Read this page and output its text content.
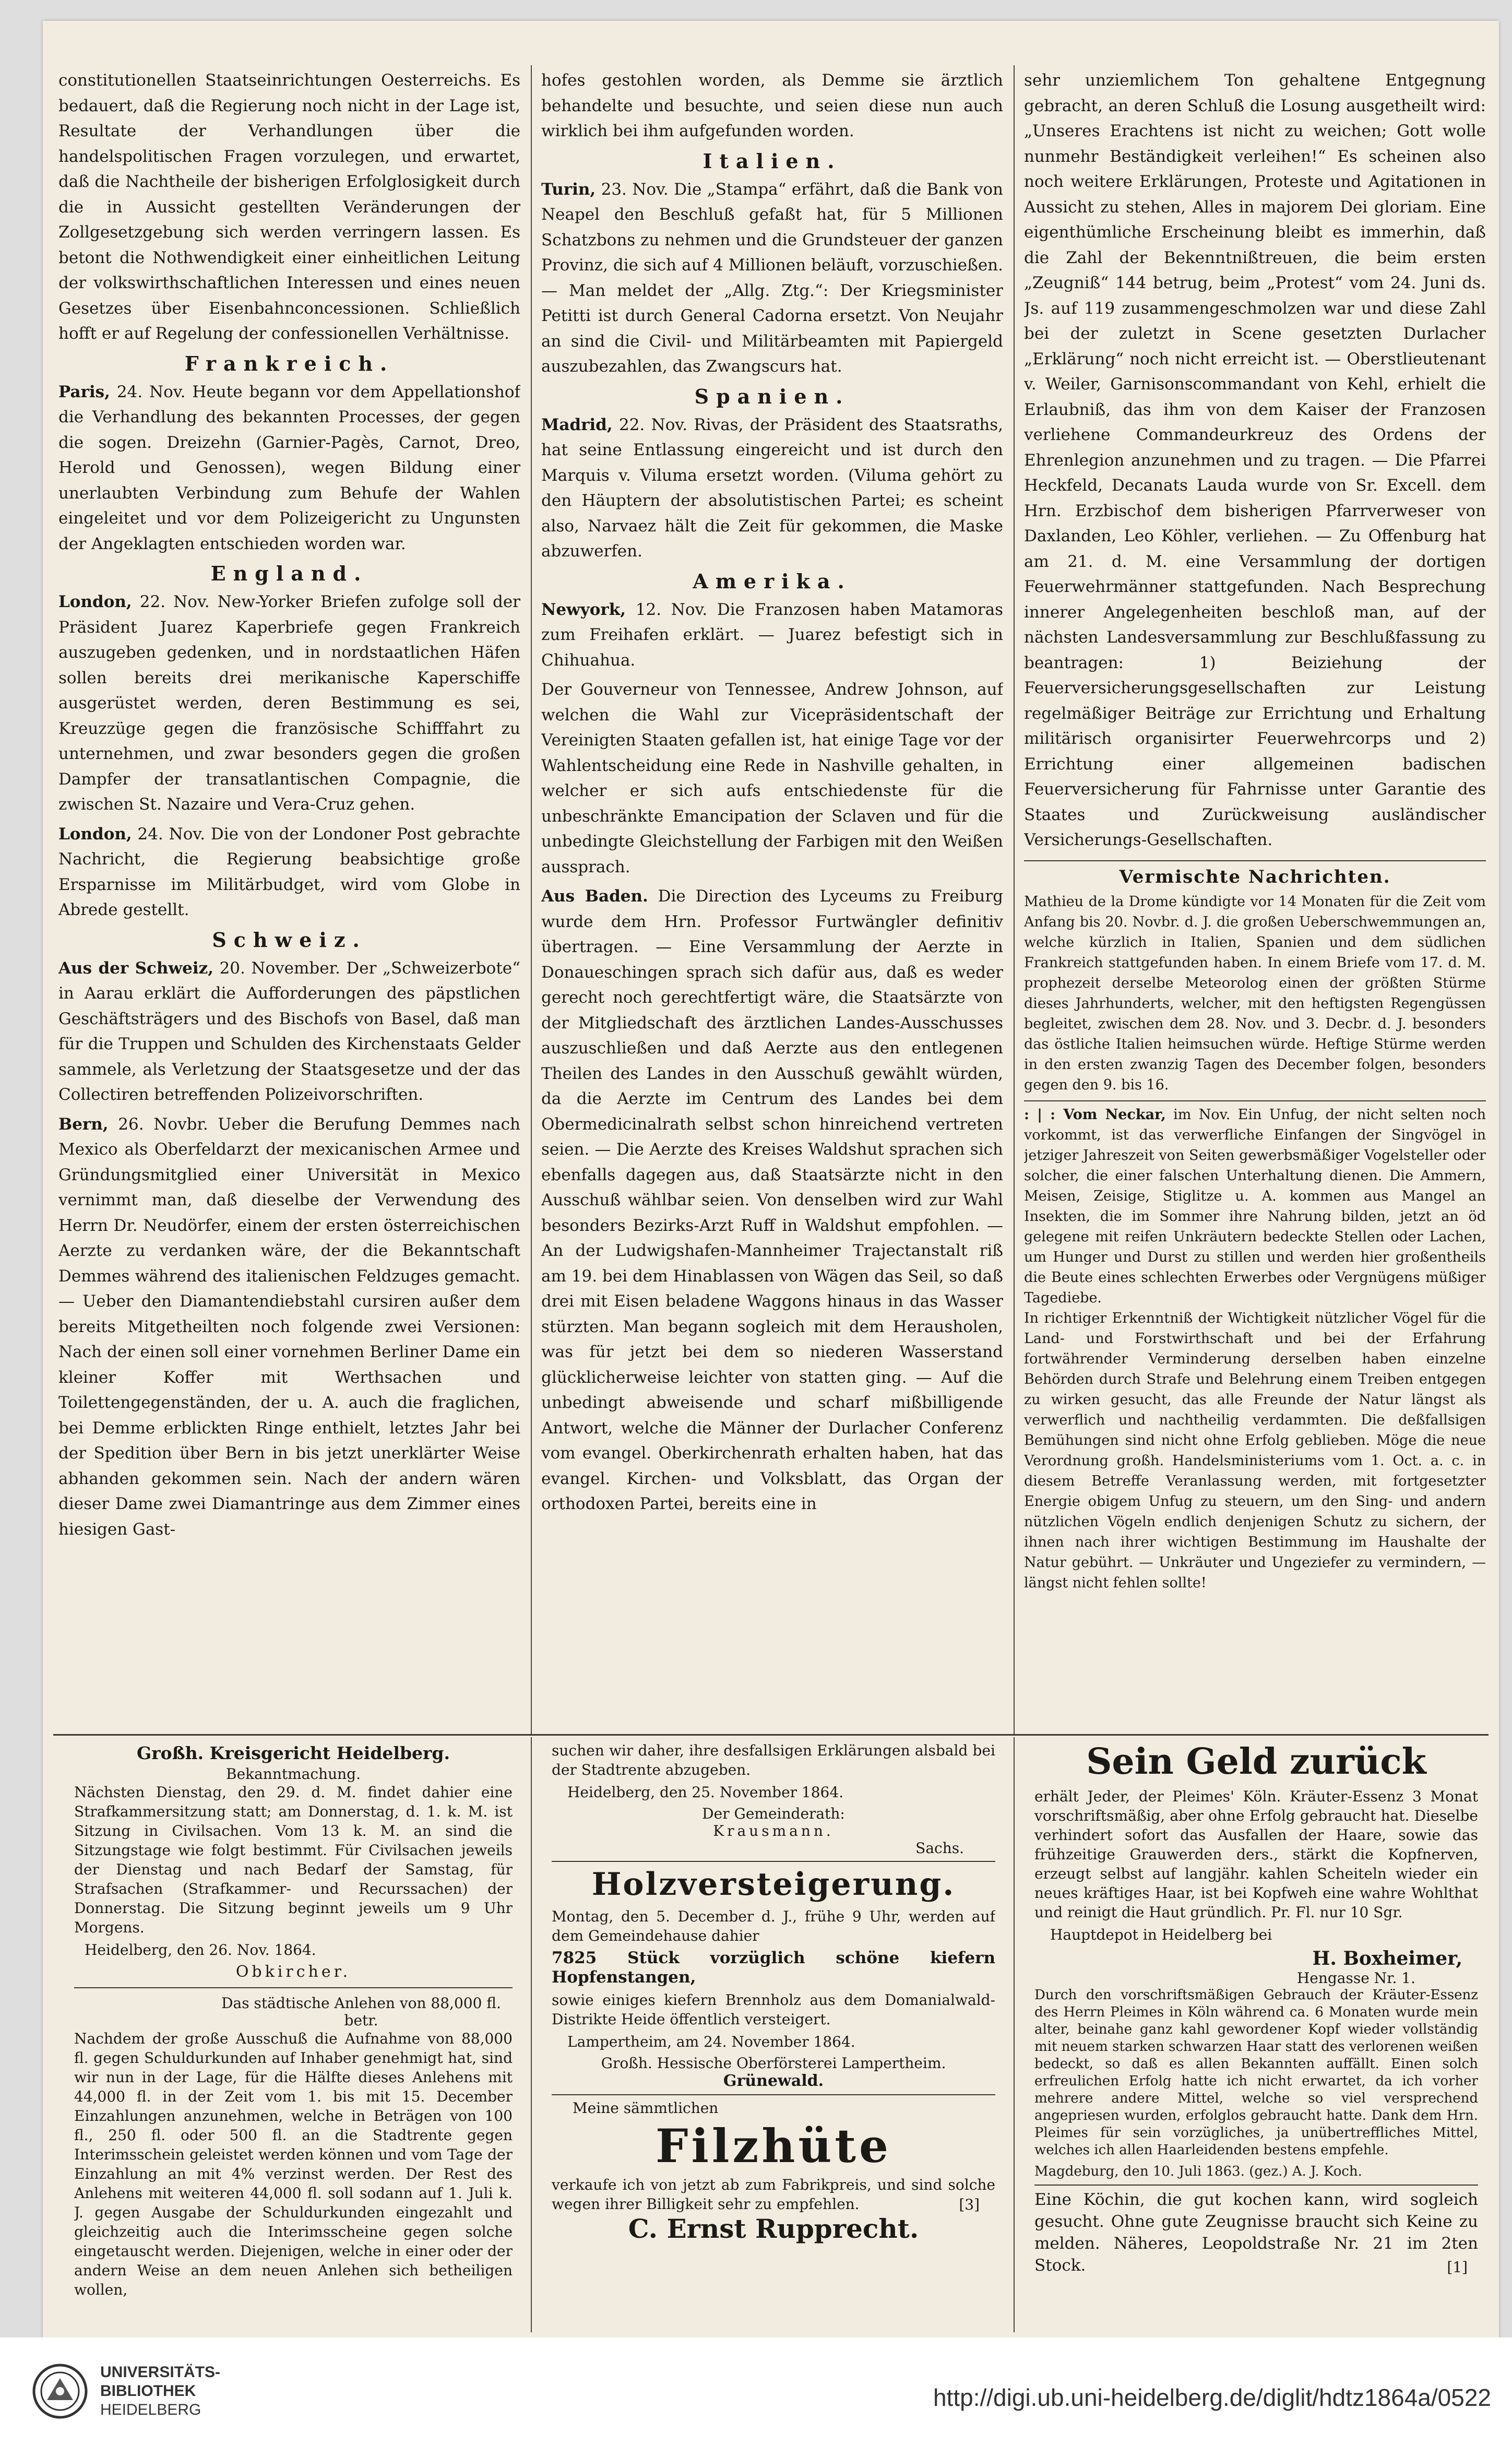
constitutionellen Staatseinrichtungen Oesterreichs. Es bedauert, daß die Regierung noch nicht in der Lage ist, Resultate der Verhandlungen über die handelspolitischen Fragen vorzulegen, und erwartet, daß die Nachtheile der bisherigen Erfolglosigkeit durch die in Aussicht gestellten Veränderungen der Zollgesetzgebung sich werden verringern lassen. Es betont die Nothwendigkeit einer einheitlichen Leitung der volkswirthschaftlichen Interessen und eines neuen Gesetzes über Eisenbahnconcessionen. Schließlich hofft er auf Regelung der confessionellen Verhältnisse.

Frankreich.

Paris, 24. Nov. Heute begann vor dem Appellationshof die Verhandlung des bekannten Processes, der gegen die sogen. Dreizehn (Garnier-Pagès, Carnot, Dreo, Herold und Genossen), wegen Bildung einer unerlaubten Verbindung zum Behufe der Wahlen eingeleitet und vor dem Polizeigericht zu Ungunsten der Angeklagten entschieden worden war.

England.

London, 22. Nov. New-Yorker Briefen zufolge soll der Präsident Juarez Kaperbriefe gegen Frankreich auszugeben gedenken, und in nordstaatlichen Häfen sollen bereits drei merikanische Kaperschiffe ausgerüstet werden, deren Bestimmung es sei, Kreuzzüge gegen die französische Schifffahrt zu unternehmen, und zwar besonders gegen die großen Dampfer der transatlantischen Compagnie, die zwischen St. Nazaire und Vera-Cruz gehen.

London, 24. Nov. Die von der Londoner Post gebrachte Nachricht, die Regierung beabsichtige große Ersparnisse im Militärbudget, wird vom Globe in Abrede gestellt.

Schweiz.

Aus der Schweiz, 20. November. Der „Schweizerbote“ in Aarau erklärt die Aufforderungen des päpstlichen Geschäftsträgers und des Bischofs von Basel, daß man für die Truppen und Schulden des Kirchenstaats Gelder sammele, als Verletzung der Staatsgesetze und der das Collectiren betreffenden Polizeivorschriften.

Bern, 26. Novbr. Ueber die Berufung Demmes nach Mexico als Oberfeldarzt der mexicanischen Armee und Gründungsmitglied einer Universität in Mexico vernimmt man, daß dieselbe der Verwendung des Herrn Dr. Neudörfer, einem der ersten österreichischen Aerzte zu verdanken wäre, der die Bekanntschaft Demmes während des italienischen Feldzuges gemacht. — Ueber den Diamantendiebstahl cursiren außer dem bereits Mitgetheilten noch folgende zwei Versionen: Nach der einen soll einer vornehmen Berliner Dame ein kleiner Koffer mit Werthsachen und Toilettengegenständen, der u. A. auch die fraglichen, bei Demme erblickten Ringe enthielt, letztes Jahr bei der Spedition über Bern in bis jetzt unerklärter Weise abhanden gekommen sein. Nach der andern wären dieser Dame zwei Diamantringe aus dem Zimmer eines hiesigen Gast-

hofes gestohlen worden, als Demme sie ärztlich behandelte und besuchte, und seien diese nun auch wirklich bei ihm aufgefunden worden.

Italien.

Turin, 23. Nov. Die „Stampa“ erfährt, daß die Bank von Neapel den Beschluß gefaßt hat, für 5 Millionen Schatzbons zu nehmen und die Grundsteuer der ganzen Provinz, die sich auf 4 Millionen beläuft, vorzuschießen. — Man meldet der „Allg. Ztg.“: Der Kriegsminister Petitti ist durch General Cadorna ersetzt. Von Neujahr an sind die Civil- und Militärbeamten mit Papiergeld auszubezahlen, das Zwangscurs hat.

Spanien.

Madrid, 22. Nov. Rivas, der Präsident des Staatsraths, hat seine Entlassung eingereicht und ist durch den Marquis v. Viluma ersetzt worden. (Viluma gehört zu den Häuptern der absolutistischen Partei; es scheint also, Narvaez hält die Zeit für gekommen, die Maske abzuwerfen.

Amerika.

Newyork, 12. Nov. Die Franzosen haben Matamoras zum Freihafen erklärt. — Juarez befestigt sich in Chihuahua.

Der Gouverneur von Tennessee, Andrew Johnson, auf welchen die Wahl zur Vicepräsidentschaft der Vereinigten Staaten gefallen ist, hat einige Tage vor der Wahlentscheidung eine Rede in Nashville gehalten, in welcher er sich aufs entschiedenste für die unbeschränkte Emancipation der Sclaven und für die unbedingte Gleichstellung der Farbigen mit den Weißen aussprach.

Aus Baden. Die Direction des Lyceums zu Freiburg wurde dem Hrn. Professor Furtwängler definitiv übertragen. — Eine Versammlung der Aerzte in Donaueschingen sprach sich dafür aus, daß es weder gerecht noch gerechtfertigt wäre, die Staatsärzte von der Mitgliedschaft des ärztlichen Landes-Ausschusses auszuschließen und daß Aerzte aus den entlegenen Theilen des Landes in den Ausschuß gewählt würden, da die Aerzte im Centrum des Landes bei dem Obermedicinalrath selbst schon hinreichend vertreten seien. — Die Aerzte des Kreises Waldshut sprachen sich ebenfalls dagegen aus, daß Staatsärzte nicht in den Ausschuß wählbar seien. Von denselben wird zur Wahl besonders Bezirks-Arzt Ruff in Waldshut empfohlen. — An der Ludwigshafen-Mannheimer Trajectanstalt riß am 19. bei dem Hinablassen von Wägen das Seil, so daß drei mit Eisen beladene Waggons hinaus in das Wasser stürzten. Man begann sogleich mit dem Herausholen, was für jetzt bei dem so niederen Wasserstand glücklicherweise leichter von statten ging. — Auf die unbedingt abweisende und scharf mißbilligende Antwort, welche die Männer der Durlacher Conferenz vom evangel. Oberkirchenrath erhalten haben, hat das evangel. Kirchen- und Volksblatt, das Organ der orthodoxen Partei, bereits eine in

sehr unziemlichem Ton gehaltene Entgegnung gebracht, an deren Schluß die Losung ausgetheilt wird: „Unseres Erachtens ist nicht zu weichen; Gott wolle nunmehr Beständigkeit verleihen!“ Es scheinen also noch weitere Erklärungen, Proteste und Agitationen in Aussicht zu stehen, Alles in majorem Dei gloriam. Eine eigenthümliche Erscheinung bleibt es immerhin, daß die Zahl der Bekenntnißtreuen, die beim ersten „Zeugniß“ 144 betrug, beim „Protest“ vom 24. Juni ds. Js. auf 119 zusammengeschmolzen war und diese Zahl bei der zuletzt in Scene gesetzten Durlacher „Erklärung“ noch nicht erreicht ist. — Oberstlieutenant v. Weiler, Garnisonscommandant von Kehl, erhielt die Erlaubniß, das ihm von dem Kaiser der Franzosen verliehene Commandeurkreuz des Ordens der Ehrenlegion anzunehmen und zu tragen. — Die Pfarrei Heckfeld, Decanats Lauda wurde von Sr. Excell. dem Hrn. Erzbischof dem bisherigen Pfarrverweser von Daxlanden, Leo Köhler, verliehen. — Zu Offenburg hat am 21. d. M. eine Versammlung der dortigen Feuerwehrmänner stattgefunden. Nach Besprechung innerer Angelegenheiten beschloß man, auf der nächsten Landesversammlung zur Beschlußfassung zu beantragen: 1) Beiziehung der Feuerversicherungsgesellschaften zur Leistung regelmäßiger Beiträge zur Errichtung und Erhaltung militärisch organisirter Feuerwehrcorps und 2) Errichtung einer allgemeinen badischen Feuerversicherung für Fahrnisse unter Garantie des Staates und Zurückweisung ausländischer Versicherungs-Gesellschaften.

Vermischte Nachrichten.

Mathieu de la Drome kündigte vor 14 Monaten für die Zeit vom Anfang bis 20. Novbr. d. J. die großen Ueberschwemmungen an, welche kürzlich in Italien, Spanien und dem südlichen Frankreich stattgefunden haben. In einem Briefe vom 17. d. M. prophezeit derselbe Meteorolog einen der größten Stürme dieses Jahrhunderts, welcher, mit den heftigsten Regengüssen begleitet, zwischen dem 28. Nov. und 3. Decbr. d. J. besonders das östliche Italien heimsuchen würde. Heftige Stürme werden in den ersten zwanzig Tagen des December folgen, besonders gegen den 9. bis 16.

: | : Vom Neckar, im Nov. Ein Unfug, der nicht selten noch vorkommt, ist das verwerfliche Einfangen der Singvögel in jetziger Jahreszeit von Seiten gewerbsmäßiger Vogelsteller oder solcher, die einer falschen Unterhaltung dienen. Die Ammern, Meisen, Zeisige, Stiglitze u. A. kommen aus Mangel an Insekten, die im Sommer ihre Nahrung bilden, jetzt an öd gelegene mit reifen Unkräutern bedeckte Stellen oder Lachen, um Hunger und Durst zu stillen und werden hier großentheils die Beute eines schlechten Erwerbes oder Vergnügens müßiger Tagediebe.

In richtiger Erkenntniß der Wichtigkeit nützlicher Vögel für die Land- und Forstwirthschaft und bei der Erfahrung fortwährender Verminderung derselben haben einzelne Behörden durch Strafe und Belehrung einem Treiben entgegen zu wirken gesucht, das alle Freunde der Natur längst als verwerflich und nachtheilig verdammten. Die deßfallsigen Bemühungen sind nicht ohne Erfolg geblieben. Möge die neue Verordnung großh. Handelsministeriums vom 1. Oct. a. c. in diesem Betreffe Veranlassung werden, mit fortgesetzter Energie obigem Unfug zu steuern, um den Sing- und andern nützlichen Vögeln endlich denjenigen Schutz zu sichern, der ihnen nach ihrer wichtigen Bestimmung im Haushalte der Natur gebührt. — Unkräuter und Ungeziefer zu vermindern, — längst nicht fehlen sollte!

Großh. Kreisgericht Heidelberg.
Bekanntmachung.

Nächsten Dienstag, den 29. d. M. findet dahier eine Strafkammersitzung statt; am Donnerstag, d. 1. k. M. ist Sitzung in Civilsachen. Vom 13 k. M. an sind die Sitzungstage wie folgt bestimmt. Für Civilsachen jeweils der Dienstag und nach Bedarf der Samstag, für Strafsachen (Strafkammer- und Recurssachen) der Donnerstag. Die Sitzung beginnt jeweils um 9 Uhr Morgens.

Heidelberg, den 26. Nov. 1864.
Obkircher.
Das städtische Anlehen von 88,000 fl. betr.

Nachdem der große Ausschuß die Aufnahme von 88,000 fl. gegen Schuldurkunden auf Inhaber genehmigt hat, sind wir nun in der Lage, für die Hälfte dieses Anlehens mit 44,000 fl. in der Zeit vom 1. bis mit 15. December Einzahlungen anzunehmen, welche in Beträgen von 100 fl., 250 fl. oder 500 fl. an die Stadtrente gegen Interimsschein geleistet werden können und vom Tage der Einzahlung an mit 4% verzinst werden. Der Rest des Anlehens mit weiteren 44,000 fl. soll sodann auf 1. Juli k. J. gegen Ausgabe der Schuldurkunden eingezahlt und gleichzeitig auch die Interimsscheine gegen solche eingetauscht werden. Diejenigen, welche in einer oder der andern Weise an dem neuen Anlehen sich betheiligen wollen,

suchen wir daher, ihre desfallsigen Erklärungen alsbald bei der Stadtrente abzugeben.

Heidelberg, den 25. November 1864.
Der Gemeinderath:
Krausmann.
Sachs.
Holzversteigerung.

Montag, den 5. December d. J., frühe 9 Uhr, werden auf dem Gemeindehause dahier

7825 Stück vorzüglich schöne kiefern Hopfenstangen,

sowie einiges kiefern Brennholz aus dem Domanialwald-Distrikte Heide öffentlich versteigert.

Lampertheim, am 24. November 1864.
Großh. Hessische Oberförsterei Lampertheim.
Grünewald.
Meine sämmtlichen
Filzhüte

verkaufe ich von jetzt ab zum Fabrikpreis, und sind solche wegen ihrer Billigkeit sehr zu empfehlen.	[3]
C. Ernst Rupprecht.
Sein Geld zurück

erhält Jeder, der Pleimes' Köln. Kräuter-Essenz 3 Monat vorschriftsmäßig, aber ohne Erfolg gebraucht hat. Dieselbe verhindert sofort das Ausfallen der Haare, sowie das frühzeitige Grauwerden ders., stärkt die Kopfnerven, erzeugt selbst auf langjähr. kahlen Scheiteln wieder ein neues kräftiges Haar, ist bei Kopfweh eine wahre Wohlthat und reinigt die Haut gründlich. Pr. Fl. nur 10 Sgr.

Hauptdepot in Heidelberg bei
H. Boxheimer,
Hengasse Nr. 1.

Durch den vorschriftsmäßigen Gebrauch der Kräuter-Essenz des Herrn Pleimes in Köln während ca. 6 Monaten wurde mein alter, beinahe ganz kahl gewordener Kopf wieder vollständig mit neuem starken schwarzen Haar statt des verlorenen weißen bedeckt, so daß es allen Bekannten auffällt. Einen solch erfreulichen Erfolg hatte ich nicht erwartet, da ich vorher mehrere andere Mittel, welche so viel versprechend angepriesen wurden, erfolglos gebraucht hatte. Dank dem Hrn. Pleimes für sein vorzügliches, ja unübertreffliches Mittel, welches ich allen Haarleidenden bestens empfehle.

Magdeburg, den 10. Juli 1863. (gez.) A. J. Koch.

Eine Köchin, die gut kochen kann, wird sogleich gesucht. Ohne gute Zeugnisse braucht sich Keine zu melden. Näheres, Leopoldstraße Nr. 21 im 2ten Stock.	[1]
UNIVERSITÄTS-
BIBLIOTHEK
HEIDELBERG	http://digi.ub.uni-heidelberg.de/diglit/hdtz1864a/0522
